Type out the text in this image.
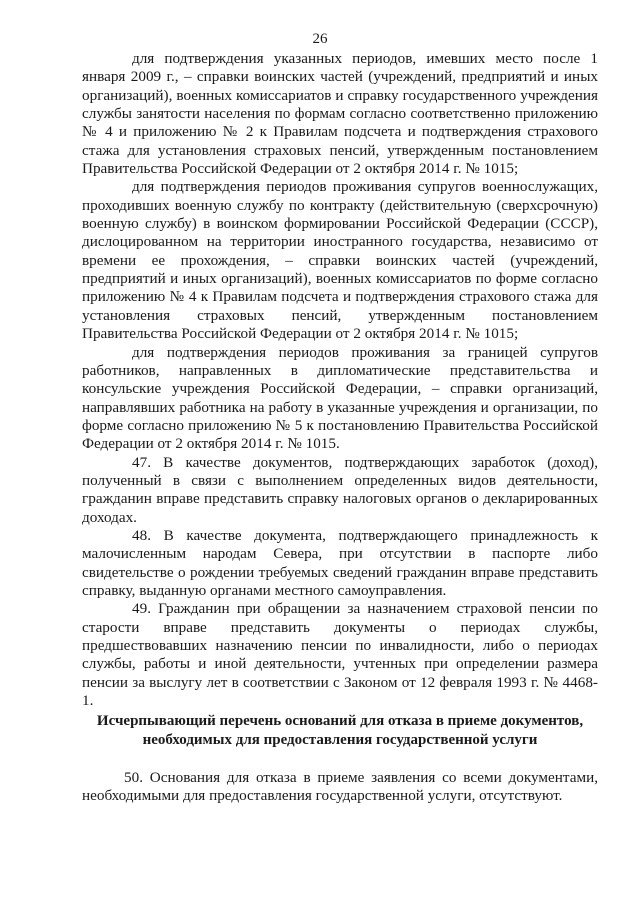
26

для подтверждения указанных периодов, имевших место после 1 января 2009 г., – справки воинских частей (учреждений, предприятий и иных организаций), военных комиссариатов и справку государственного учреждения службы занятости населения по формам согласно соответственно приложению № 4 и приложению № 2 к Правилам подсчета и подтверждения страхового стажа для установления страховых пенсий, утвержденным постановлением Правительства Российской Федерации от 2 октября 2014 г. № 1015;

для подтверждения периодов проживания супругов военнослужащих, проходивших военную службу по контракту (действительную (сверхсрочную) военную службу) в воинском формировании Российской Федерации (СССР), дислоцированном на территории иностранного государства, независимо от времени ее прохождения, – справки воинских частей (учреждений, предприятий и иных организаций), военных комиссариатов по форме согласно приложению № 4 к Правилам подсчета и подтверждения страхового стажа для установления страховых пенсий, утвержденным постановлением Правительства Российской Федерации от 2 октября 2014 г. № 1015;

для подтверждения периодов проживания за границей супругов работников, направленных в дипломатические представительства и консульские учреждения Российской Федерации, – справки организаций, направлявших работника на работу в указанные учреждения и организации, по форме согласно приложению № 5 к постановлению Правительства Российской Федерации от 2 октября 2014 г. № 1015.

47. В качестве документов, подтверждающих заработок (доход), полученный в связи с выполнением определенных видов деятельности, гражданин вправе представить справку налоговых органов о декларированных доходах.

48. В качестве документа, подтверждающего принадлежность к малочисленным народам Севера, при отсутствии в паспорте либо свидетельстве о рождении требуемых сведений гражданин вправе представить справку, выданную органами местного самоуправления.

49. Гражданин при обращении за назначением страховой пенсии по старости вправе представить документы о периодах службы, предшествовавших назначению пенсии по инвалидности, либо о периодах службы, работы и иной деятельности, учтенных при определении размера пенсии за выслугу лет в соответствии с Законом от 12 февраля 1993 г. № 4468-1.

Исчерпывающий перечень оснований для отказа в приеме документов,
необходимых для предоставления государственной услуги

50. Основания для отказа в приеме заявления со всеми документами, необходимыми для предоставления государственной услуги, отсутствуют.
